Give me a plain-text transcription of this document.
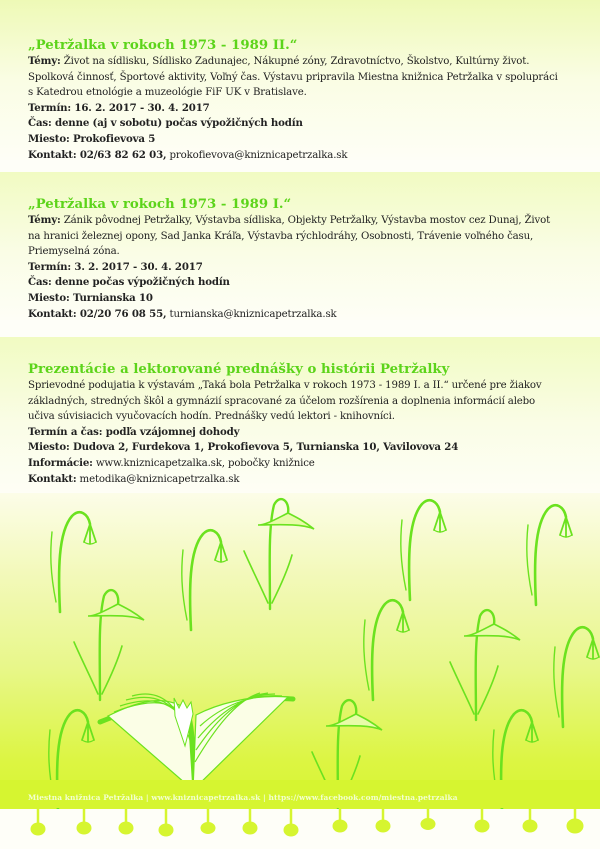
„Petržalka v rokoch 1973 - 1989 II.“
Témy: Život na sídlisku, Sídlisko Zadunajec, Nákupné zóny, Zdravotníctvo, Školstvo, Kultúrny život.
Spolková činnosť, Športové aktivity, Voľný čas. Výstavu pripravila Miestna knižnica Petržalka v spolupráci
s Katedrou etnológie a muzeológie FiF UK v Bratislave.
Termín: 16. 2. 2017 - 30. 4. 2017
Čas: denne (aj v sobotu) počas výpožičných hodín
Miesto: Prokofievova 5
Kontakt: 02/63 82 62 03, prokofievova@kniznicapetrzalka.sk
„Petržalka v rokoch 1973 - 1989 I.“
Témy: Zánik pôvodnej Petržalky, Výstavba sídliska, Objekty Petržalky, Výstavba mostov cez Dunaj, Život
na hranici železnej opony, Sad Janka Kráľa, Výstavba rýchlodráhy, Osobnosti, Trávenie voľného času,
Priemyselná zóna.
Termín: 3. 2. 2017 - 30. 4. 2017
Čas: denne počas výpožičných hodín
Miesto: Turnianska 10
Kontakt: 02/20 76 08 55, turnianska@kniznicapetrzalka.sk
Prezentácie a lektorované prednášky o histórii Petržalky
Sprievodné podujatia k výstavám „Taká bola Petržalka v rokoch 1973 - 1989 I. a II.“ určené pre žiakov
základných, stredných škôl a gymnázií spracované za účelom rozšírenia a doplnenia informácií alebo
učiva súvisiacich vyučovacích hodín. Prednášky vedú lektori - knihovníci.
Termín a čas: podľa vzájomnej dohody
Miesto: Dudova 2, Furdekova 1, Prokofievova 5, Turnianska 10, Vavilovova 24
Informácie: www.kniznicapetzalka.sk, pobočky knižnice
Kontakt: metodika@kniznicapetrzalka.sk
Miestna knižnica Petržalka | www.kniznicapetrzalka.sk | https://www.facebook.com/miestna.petrzalka
